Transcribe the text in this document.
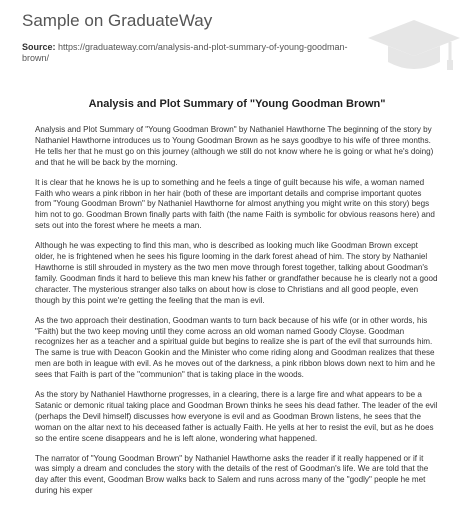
Sample on GraduateWay
Source: https://graduateway.com/analysis-and-plot-summary-of-young-goodman-brown/
Analysis and Plot Summary of "Young Goodman Brown"

Analysis and Plot Summary of "Young Goodman Brown" by Nathaniel Hawthorne The beginning of the story by Nathaniel Hawthorne introduces us to Young Goodman Brown as he says goodbye to his wife of three months. He tells her that he must go on this journey (although we still do not know where he is going or what he's doing) and that he will be back by the morning.

It is clear that he knows he is up to something and he feels a tinge of guilt because his wife, a woman named Faith who wears a pink ribbon in her hair (both of these are important details and comprise important quotes from "Young Goodman Brown" by Nathaniel Hawthorne for almost anything you might write on this story) begs him not to go. Goodman Brown finally parts with faith (the name Faith is symbolic for obvious reasons here) and sets out into the forest where he meets a man.

Although he was expecting to find this man, who is described as looking much like Goodman Brown except older, he is frightened when he sees his figure looming in the dark forest ahead of him. The story by Nathaniel Hawthorne is still shrouded in mystery as the two men move through forest together, talking about Goodman's family. Goodman finds it hard to believe this man knew his father or grandfather because he is clearly not a good character. The mysterious stranger also talks on about how is close to Christians and all good people, even though by this point we're getting the feeling that the man is evil.

As the two approach their destination, Goodman wants to turn back because of his wife (or in other words, his "Faith) but the two keep moving until they come across an old woman named Goody Cloyse. Goodman recognizes her as a teacher and a spiritual guide but begins to realize she is part of the evil that surrounds him. The same is true with Deacon Gookin and the Minister who come riding along and Goodman realizes that these men are both in league with evil. As he moves out of the darkness, a pink ribbon blows down next to him and he sees that Faith is part of the "communion" that is taking place in the woods.

As the story by Nathaniel Hawthorne progresses, in a clearing, there is a large fire and what appears to be a Satanic or demonic ritual taking place and Goodman Brown thinks he sees his dead father. The leader of the evil (perhaps the Devil himself) discusses how everyone is evil and as Goodman Brown listens, he sees that the woman on the altar next to his deceased father is actually Faith. He yells at her to resist the evil, but as he does so the entire scene disappears and he is left alone, wondering what happened.

The narrator of "Young Goodman Brown" by Nathaniel Hawthorne asks the reader if it really happened or if it was simply a dream and concludes the story with the details of the rest of Goodman's life. We are told that the day after this event, Goodman Brow walks back to Salem and runs across many of the "godly" people he met during his exper
